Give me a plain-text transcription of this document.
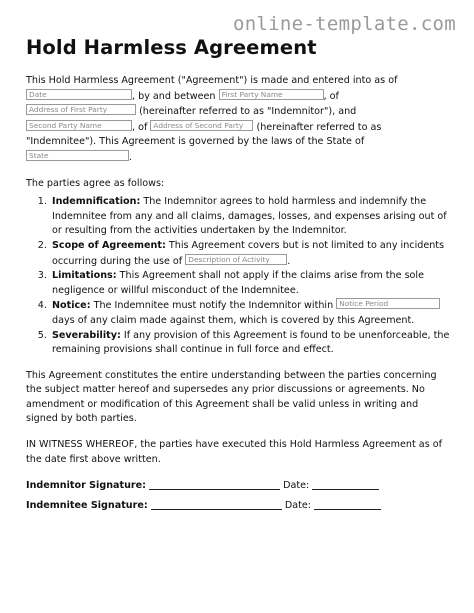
online-template.com
Hold Harmless Agreement
This Hold Harmless Agreement ("Agreement") is made and entered into as of Date	, by and between First Party Name	, of Address of First Party	(hereinafter referred to as "Indemnitor"), and Second Party Name	, of Address of Second Party (hereinafter referred to as "Indemnitee"). This Agreement is governed by the laws of the State of State	.
The parties agree as follows:
1. Indemnification: The Indemnitor agrees to hold harmless and indemnify the Indemnitee from any and all claims, damages, losses, and expenses arising out of or resulting from the activities undertaken by the Indemnitor.
2. Scope of Agreement: This Agreement covers but is not limited to any incidents occurring during the use of Description of Activity .
3. Limitations: This Agreement shall not apply if the claims arise from the sole negligence or willful misconduct of the Indemnitee.
4. Notice: The Indemnitee must notify the Indemnitor within Notice Period days of any claim made against them, which is covered by this Agreement.
5. Severability: If any provision of this Agreement is found to be unenforceable, the remaining provisions shall continue in full force and effect.
This Agreement constitutes the entire understanding between the parties concerning the subject matter hereof and supersedes any prior discussions or agreements. No amendment or modification of this Agreement shall be valid unless in writing and signed by both parties.
IN WITNESS WHEREOF, the parties have executed this Hold Harmless Agreement as of the date first above written.
Indemnitor Signature:	Date:
Indemnitee Signature:	Date:
